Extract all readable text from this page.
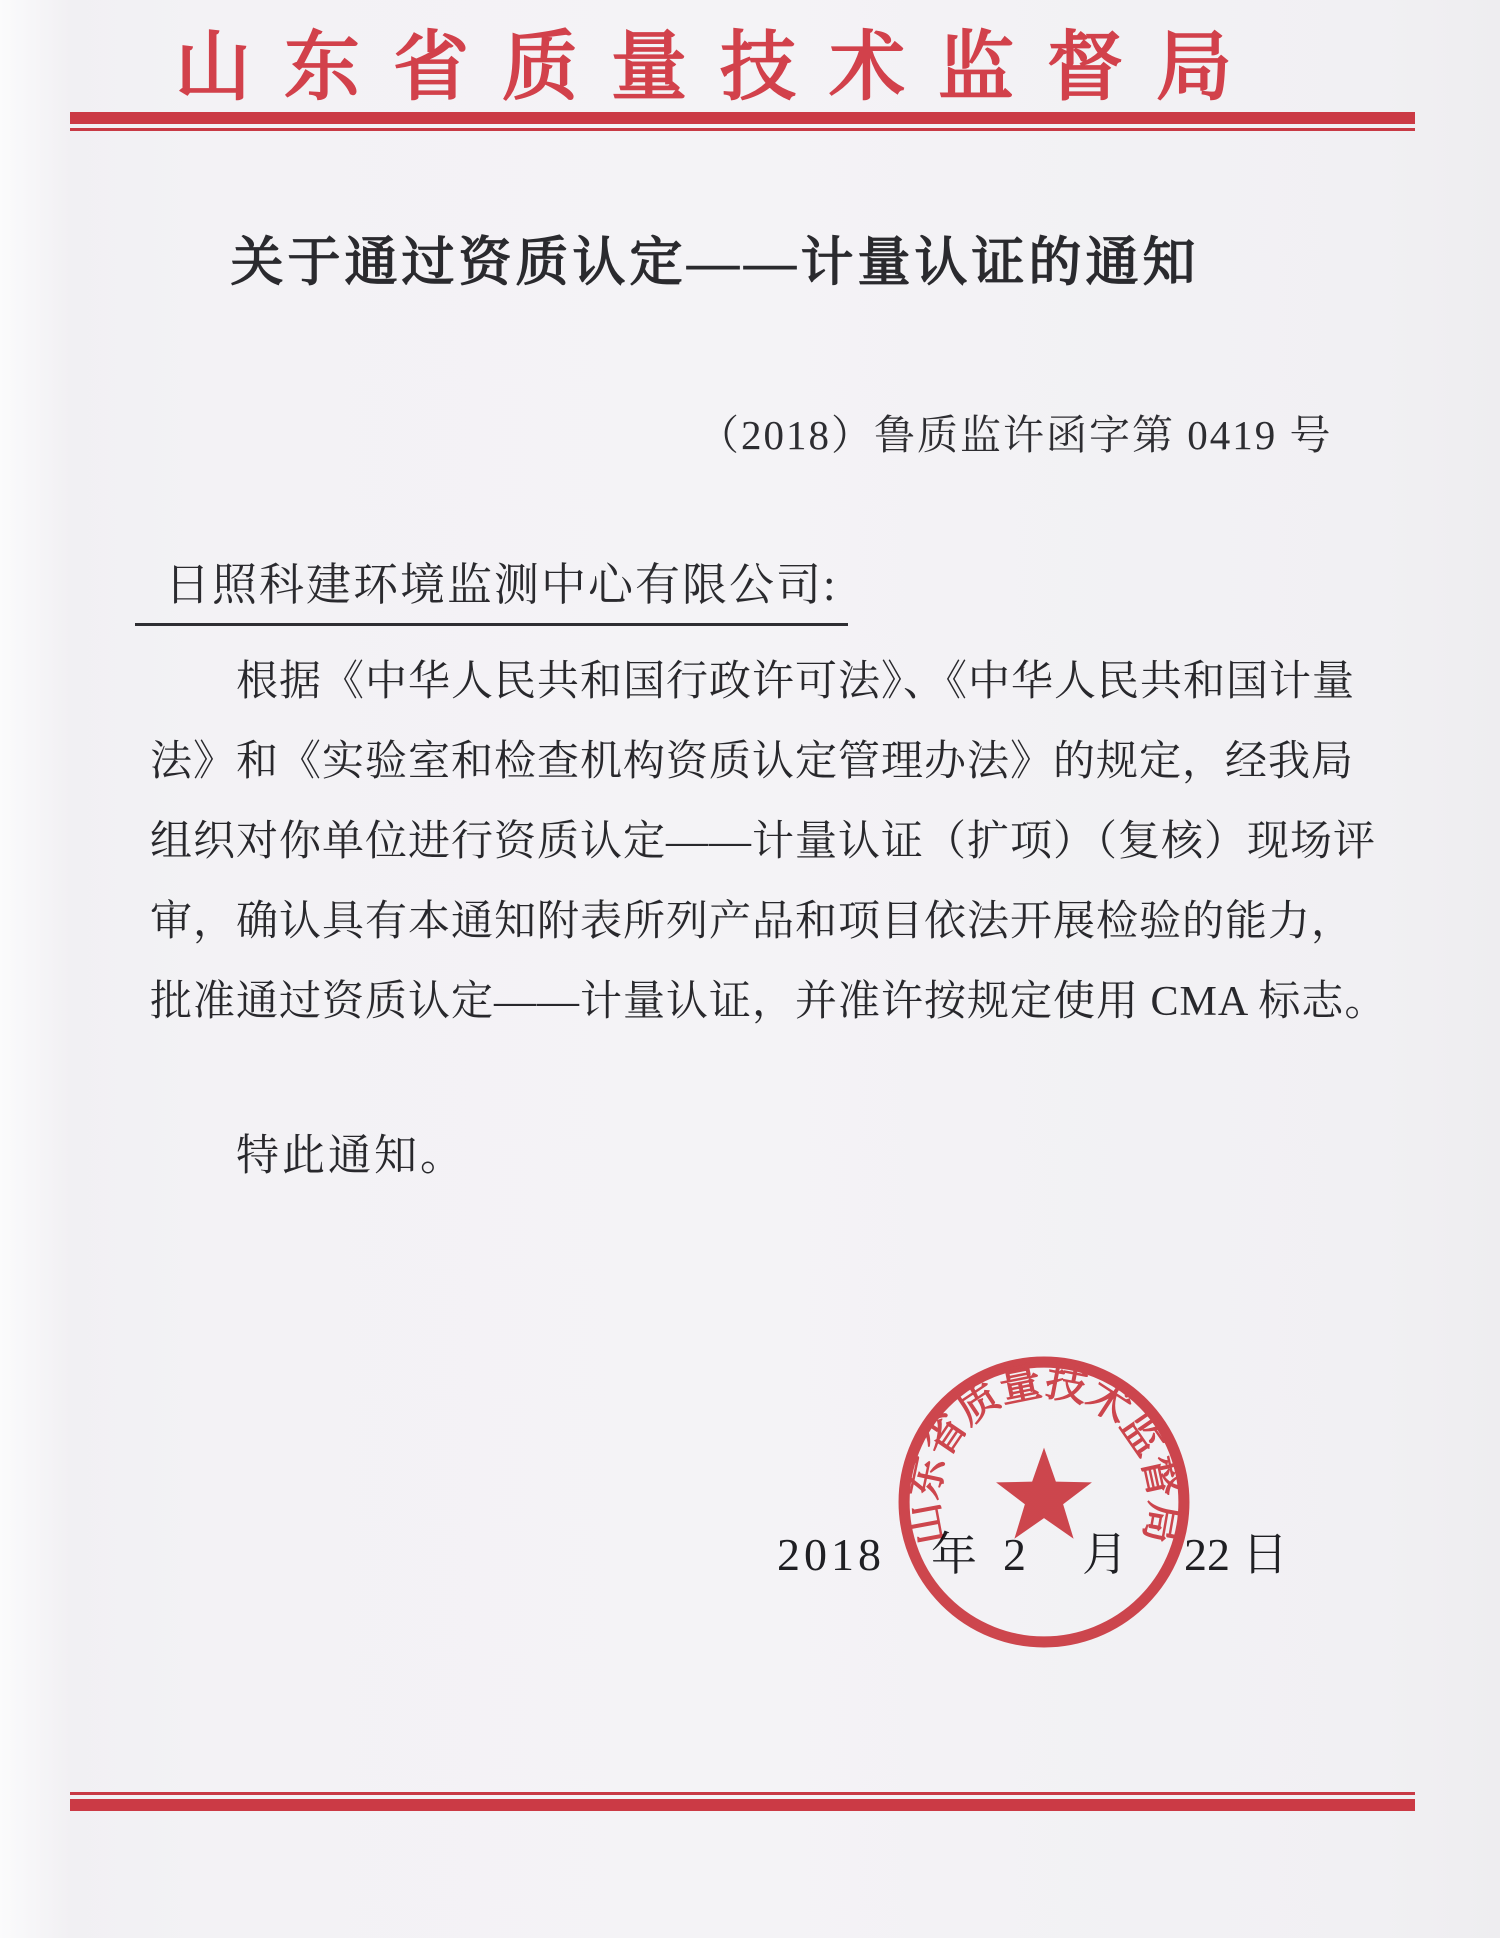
山东省质量技术监督局
关于通过资质认定——计量认证的通知
（2018）鲁质监许函字第 0419 号
日照科建环境监测中心有限公司:
根据《中华人民共和国行政许可法》、《中华人民共和国计量
法》和《实验室和检查机构资质认定管理办法》的规定，经我局
组织对你单位进行资质认定——计量认证（扩项）（复核）现场评
审，确认具有本通知附表所列产品和项目依法开展检验的能力，
批准通过资质认定——计量认证，并准许按规定使用 CMA 标志。
特此通知。
2018 年 2 月 22 日
山东省质量技术监督局
